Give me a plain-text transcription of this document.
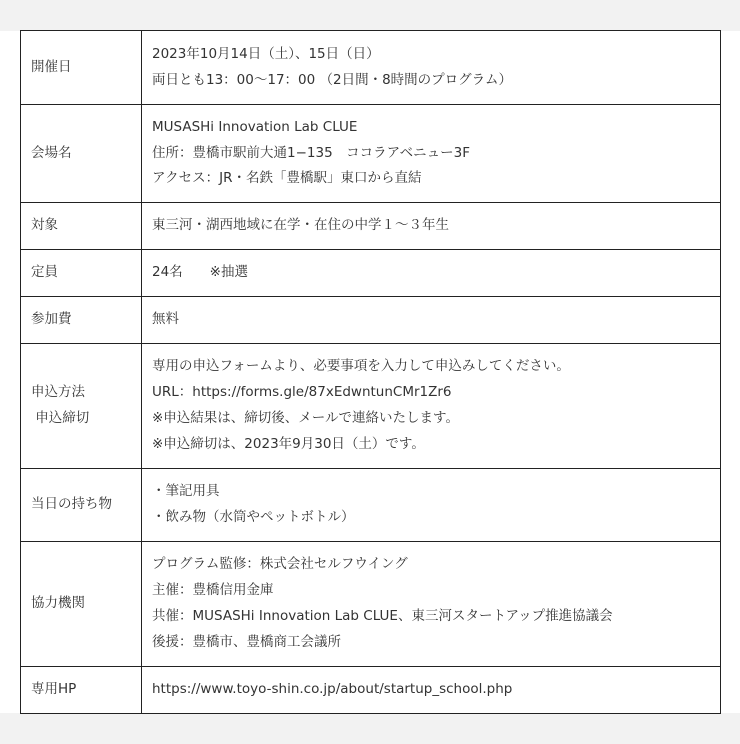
開催日	2023年10月14日（土）、15日（日）
両日とも13：00〜17：00 （2日間・8時間のプログラム）

会場名	MUSASHi Innovation Lab CLUE
住所：豊橋市駅前大通1−135　ココラアベニュー3F
アクセス：JR・名鉄「豊橋駅」東口から直結

対象	東三河・湖西地域に在学・在住の中学１〜３年生

定員	24名　　※抽選

参加費	無料

申込方法
申込締切	専用の申込フォームより、必要事項を入力して申込みしてください。
URL：https://forms.gle/87xEdwntunCMr1Zr6
※申込結果は、締切後、メールで連絡いたします。
※申込締切は、2023年9月30日（土）です。

当日の持ち物	・筆記用具
・飲み物（水筒やペットボトル）

協力機関	プログラム監修：株式会社セルフウイング
主催：豊橋信用金庫
共催：MUSASHi Innovation Lab CLUE、東三河スタートアップ推進協議会
後援：豊橋市、豊橋商工会議所

専用HP	https://www.toyo-shin.co.jp/about/startup_school.php
